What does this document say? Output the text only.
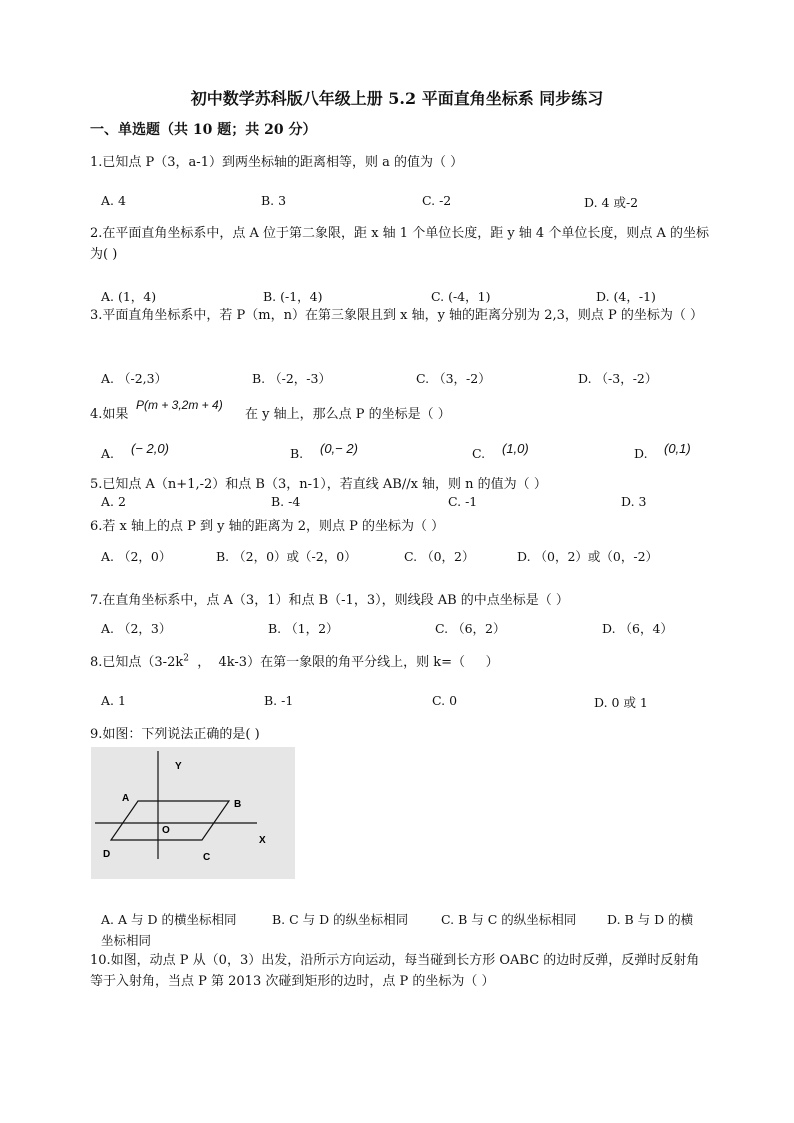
初中数学苏科版八年级上册 5.2 平面直角坐标系 同步练习
一、单选题（共 10 题；共 20 分）
1.已知点 P（3，a-1）到两坐标轴的距离相等，则 a 的值为（ ）
A. 4	B. 3	C. -2	D. 4 或-2
2.在平面直角坐标系中，点 A 位于第二象限，距 x 轴 1 个单位长度，距 y 轴 4 个单位长度，则点 A 的坐标为( )
A. (1，4)	B. (-1，4)	C. (-4，1)	D. (4，-1)
3.平面直角坐标系中，若 P（m，n）在第三象限且到 x 轴，y 轴的距离分别为 2,3，则点 P 的坐标为（ ）
A. （-2,3）	B. （-2，-3）	C. （3，-2）	D. （-3，-2）
4.如果
P(m + 3,2m + 4)
在 y 轴上，那么点 P 的坐标是（ ）
A. (− 2,0)	B. (0,− 2)	C. (1,0)	D. (0,1)
5.已知点 A（n+1,-2）和点 B（3，n-1），若直线 AB//x 轴，则 n 的值为（ ）
A. 2	B. -4	C. -1	D. 3
6.若 x 轴上的点 P 到 y 轴的距离为 2，则点 P 的坐标为（ ）
A. （2，0）	B. （2，0）或（-2，0）	C. （0，2）	D. （0，2）或（0，-2）
7.在直角坐标系中，点 A（3，1）和点 B（-1，3），则线段 AB 的中点坐标是（ ）
A. （2，3）	B. （1，2）	C. （6，2）	D. （6，4）
8.已知点（$3-2k^2$  ，  4k-3）在第一象限的角平分线上，则 k=（     ）
A. 1	B. -1	C. 0	D. 0 或 1
9.如图：下列说法正确的是( )
Y
A
B
O
X
D	C
A. A 与 D 的横坐标相同	B. C 与 D 的纵坐标相同	C. B 与 C 的纵坐标相同 D. B 与 D 的横
坐标相同
10.如图，动点 P 从（0，3）出发，沿所示方向运动，每当碰到长方形 OABC 的边时反弹，反弹时反射角等于入射角，当点 P 第 2013 次碰到矩形的边时，点 P 的坐标为（ ）
